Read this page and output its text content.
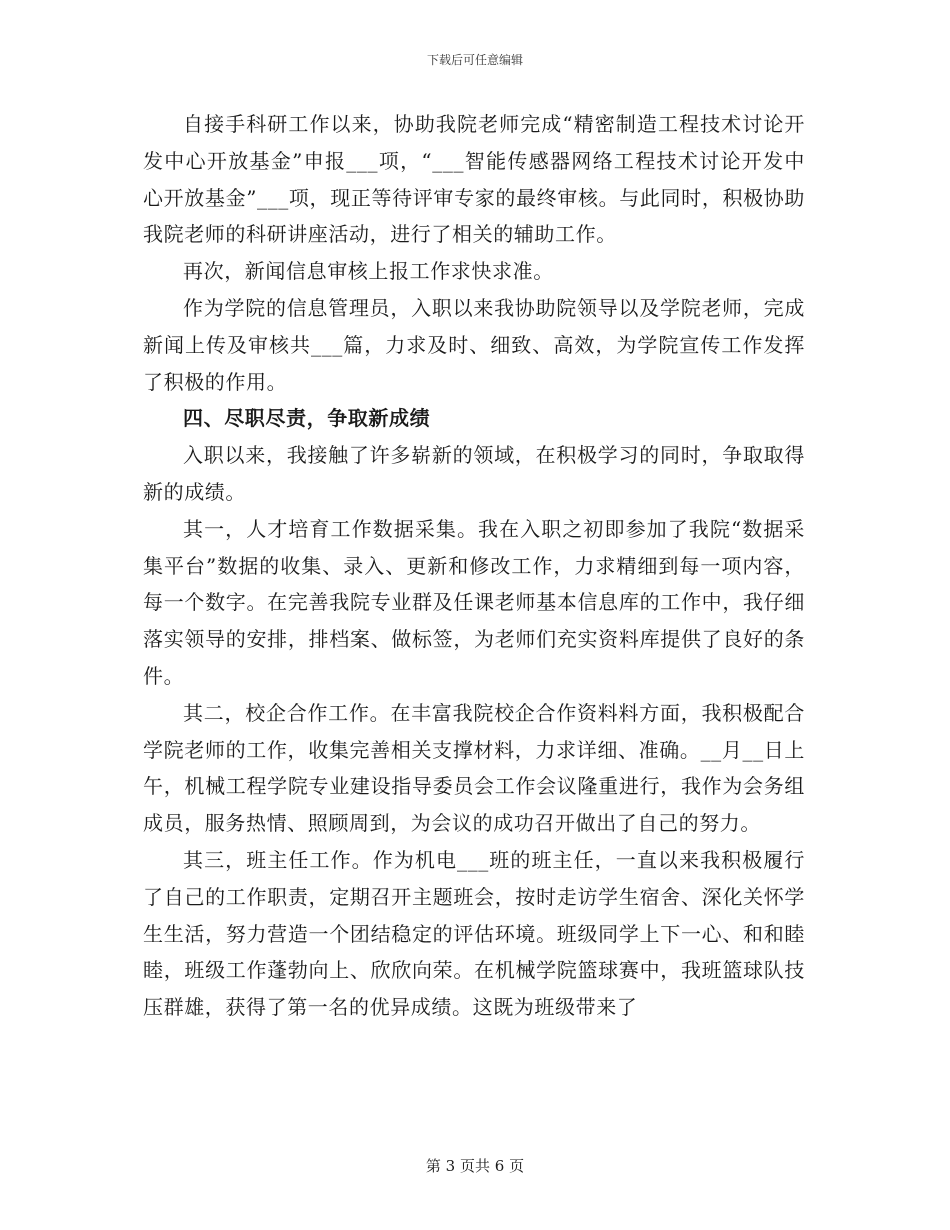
下载后可任意编辑

自接手科研工作以来，协助我院老师完成“精密制造工程技术讨论开发中心开放基金”申报___项，“___智能传感器网络工程技术讨论开发中心开放基金”___项，现正等待评审专家的最终审核。与此同时，积极协助我院老师的科研讲座活动，进行了相关的辅助工作。

再次，新闻信息审核上报工作求快求准。

作为学院的信息管理员，入职以来我协助院领导以及学院老师，完成新闻上传及审核共___篇，力求及时、细致、高效，为学院宣传工作发挥了积极的作用。

四、尽职尽责，争取新成绩

入职以来，我接触了许多崭新的领域，在积极学习的同时，争取取得新的成绩。

其一，人才培育工作数据采集。我在入职之初即参加了我院“数据采集平台”数据的收集、录入、更新和修改工作，力求精细到每一项内容，每一个数字。在完善我院专业群及任课老师基本信息库的工作中，我仔细落实领导的安排，排档案、做标签，为老师们充实资料库提供了良好的条件。

其二，校企合作工作。在丰富我院校企合作资料料方面，我积极配合学院老师的工作，收集完善相关支撑材料，力求详细、准确。__月__日上午，机械工程学院专业建设指导委员会工作会议隆重进行，我作为会务组成员，服务热情、照顾周到，为会议的成功召开做出了自己的努力。

其三，班主任工作。作为机电___班的班主任，一直以来我积极履行了自己的工作职责，定期召开主题班会，按时走访学生宿舍、深化关怀学生生活，努力营造一个团结稳定的评估环境。班级同学上下一心、和和睦睦，班级工作蓬勃向上、欣欣向荣。在机械学院篮球赛中，我班篮球队技压群雄，获得了第一名的优异成绩。这既为班级带来了

第 3 页共 6 页
